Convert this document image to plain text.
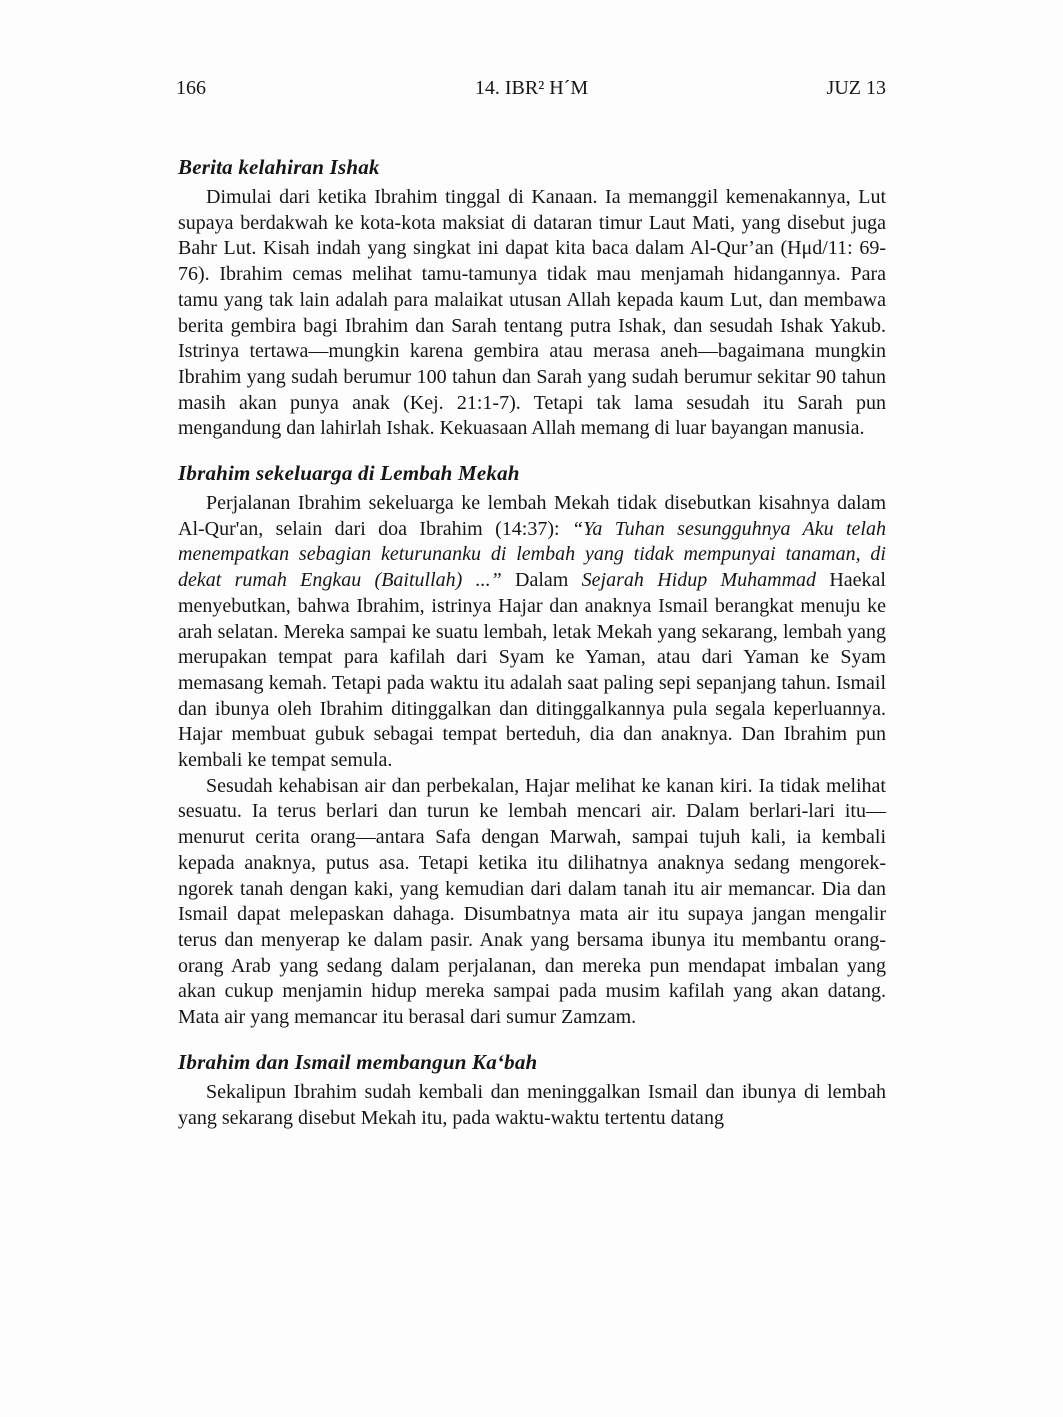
166	14. IBR² H´M	JUZ 13
Berita kelahiran Ishak

Dimulai dari ketika Ibrahim tinggal di Kanaan. Ia memanggil kemenakannya, Lut supaya berdakwah ke kota-kota maksiat di dataran timur Laut Mati, yang disebut juga Bahr Lut. Kisah indah yang singkat ini dapat kita baca dalam Al-Qur’an (Hμd/11: 69-76). Ibrahim cemas melihat tamu-tamunya tidak mau menjamah hidangannya. Para tamu yang tak lain adalah para malaikat utusan Allah kepada kaum Lut, dan membawa berita gembira bagi Ibrahim dan Sarah tentang putra Ishak, dan sesudah Ishak Yakub. Istrinya tertawa—mungkin karena gembira atau merasa aneh—bagaimana mungkin Ibrahim yang sudah berumur 100 tahun dan Sarah yang sudah berumur sekitar 90 tahun masih akan punya anak (Kej. 21:1-7). Tetapi tak lama sesudah itu Sarah pun mengandung dan lahirlah Ishak. Kekuasaan Allah memang di luar bayangan manusia.

Ibrahim sekeluarga di Lembah Mekah

Perjalanan Ibrahim sekeluarga ke lembah Mekah tidak disebutkan kisahnya dalam Al-Qur'an, selain dari doa Ibrahim (14:37): “Ya Tuhan sesungguhnya Aku telah menempatkan sebagian keturunanku di lembah yang tidak mempunyai tanaman, di dekat rumah Engkau (Baitullah) ...” Dalam Sejarah Hidup Muhammad Haekal menyebutkan, bahwa Ibrahim, istrinya Hajar dan anaknya Ismail berangkat menuju ke arah selatan. Mereka sampai ke suatu lembah, letak Mekah yang sekarang, lembah yang merupakan tempat para kafilah dari Syam ke Yaman, atau dari Yaman ke Syam memasang kemah. Tetapi pada waktu itu adalah saat paling sepi sepanjang tahun. Ismail dan ibunya oleh Ibrahim ditinggalkan dan ditinggalkannya pula segala keperluannya. Hajar membuat gubuk sebagai tempat berteduh, dia dan anaknya. Dan Ibrahim pun kembali ke tempat semula.

Sesudah kehabisan air dan perbekalan, Hajar melihat ke kanan kiri. Ia tidak melihat sesuatu. Ia terus berlari dan turun ke lembah mencari air. Dalam berlari-lari itu—menurut cerita orang—antara Safa dengan Marwah, sampai tujuh kali, ia kembali kepada anaknya, putus asa. Tetapi ketika itu dilihatnya anaknya sedang mengorek-ngorek tanah dengan kaki, yang kemudian dari dalam tanah itu air memancar. Dia dan Ismail dapat melepaskan dahaga. Disumbatnya mata air itu supaya jangan mengalir terus dan menyerap ke dalam pasir. Anak yang bersama ibunya itu membantu orang-orang Arab yang sedang dalam perjalanan, dan mereka pun mendapat imbalan yang akan cukup menjamin hidup mereka sampai pada musim kafilah yang akan datang. Mata air yang memancar itu berasal dari sumur Zamzam.

Ibrahim dan Ismail membangun Ka‘bah

Sekalipun Ibrahim sudah kembali dan meninggalkan Ismail dan ibunya di lembah yang sekarang disebut Mekah itu, pada waktu-waktu tertentu datang
